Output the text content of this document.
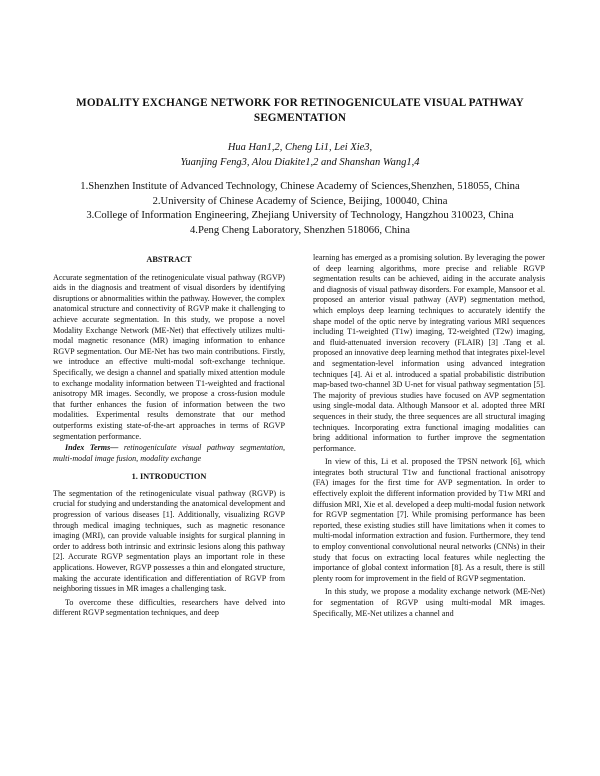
MODALITY EXCHANGE NETWORK FOR RETINOGENICULATE VISUAL PATHWAY
SEGMENTATION
Hua Han1,2, Cheng Li1, Lei Xie3,
Yuanjing Feng3, Alou Diakite1,2 and Shanshan Wang1,4
1.Shenzhen Institute of Advanced Technology, Chinese Academy of Sciences,Shenzhen, 518055, China
2.University of Chinese Academy of Science, Beijing, 100040, China
3.College of Information Engineering, Zhejiang University of Technology, Hangzhou 310023, China
4.Peng Cheng Laboratory, Shenzhen 518066, China
ABSTRACT

Accurate segmentation of the retinogeniculate visual pathway (RGVP) aids in the diagnosis and treatment of visual disorders by identifying disruptions or abnormalities within the pathway. However, the complex anatomical structure and connectivity of RGVP make it challenging to achieve accurate segmentation. In this study, we propose a novel Modality Exchange Network (ME-Net) that effectively utilizes multi-modal magnetic resonance (MR) imaging information to enhance RGVP segmentation. Our ME-Net has two main contributions. Firstly, we introduce an effective multi-modal soft-exchange technique. Specifically, we design a channel and spatially mixed attention module to exchange modality information between T1-weighted and fractional anisotropy MR images. Secondly, we propose a cross-fusion module that further enhances the fusion of information between the two modalities. Experimental results demonstrate that our method outperforms existing state-of-the-art approaches in terms of RGVP segmentation performance.

Index Terms— retinogeniculate visual pathway segmentation, multi-modal image fusion, modality exchange

1. INTRODUCTION

The segmentation of the retinogeniculate visual pathway (RGVP) is crucial for studying and understanding the anatomical development and progression of various diseases [1]. Additionally, visualizing RGVP through medical imaging techniques, such as magnetic resonance imaging (MRI), can provide valuable insights for surgical planning in order to address both intrinsic and extrinsic lesions along this pathway [2]. Accurate RGVP segmentation plays an important role in these applications. However, RGVP possesses a thin and elongated structure, making the accurate identification and differentiation of RGVP from neighboring tissues in MR images a challenging task.

To overcome these difficulties, researchers have delved into different RGVP segmentation techniques, and deep

learning has emerged as a promising solution. By leveraging the power of deep learning algorithms, more precise and reliable RGVP segmentation results can be achieved, aiding in the accurate analysis and diagnosis of visual pathway disorders. For example, Mansoor et al. proposed an anterior visual pathway (AVP) segmentation method, which employs deep learning techniques to accurately identify the shape model of the optic nerve by integrating various MRI sequences including T1-weighted (T1w) imaging, T2-weighted (T2w) imaging, and fluid-attenuated inversion recovery (FLAIR) [3] .Tang et al. proposed an innovative deep learning method that integrates pixel-level and segmentation-level information using advanced integration techniques [4]. Ai et al. introduced a spatial probabilistic distribution map-based two-channel 3D U-net for visual pathway segmentation [5]. The majority of previous studies have focused on AVP segmentation using single-modal data. Although Mansoor et al. adopted three MRI sequences in their study, the three sequences are all structural imaging techniques. Incorporating extra functional imaging modalities can bring additional information to further improve the segmentation performance.

In view of this, Li et al. proposed the TPSN network [6], which integrates both structural T1w and functional fractional anisotropy (FA) images for the first time for AVP segmentation. In order to effectively exploit the different information provided by T1w MRI and diffusion MRI, Xie et al. developed a deep multi-modal fusion network for RGVP segmentation [7]. While promising performance has been reported, these existing studies still have limitations when it comes to multi-modal information extraction and fusion. Furthermore, they tend to employ conventional convolutional neural networks (CNNs) in their study that focus on extracting local features while neglecting the importance of global context information [8]. As a result, there is still plenty room for improvement in the field of RGVP segmentation.

In this study, we propose a modality exchange network (ME-Net) for segmentation of RGVP using multi-modal MR images. Specifically, ME-Net utilizes a channel and
